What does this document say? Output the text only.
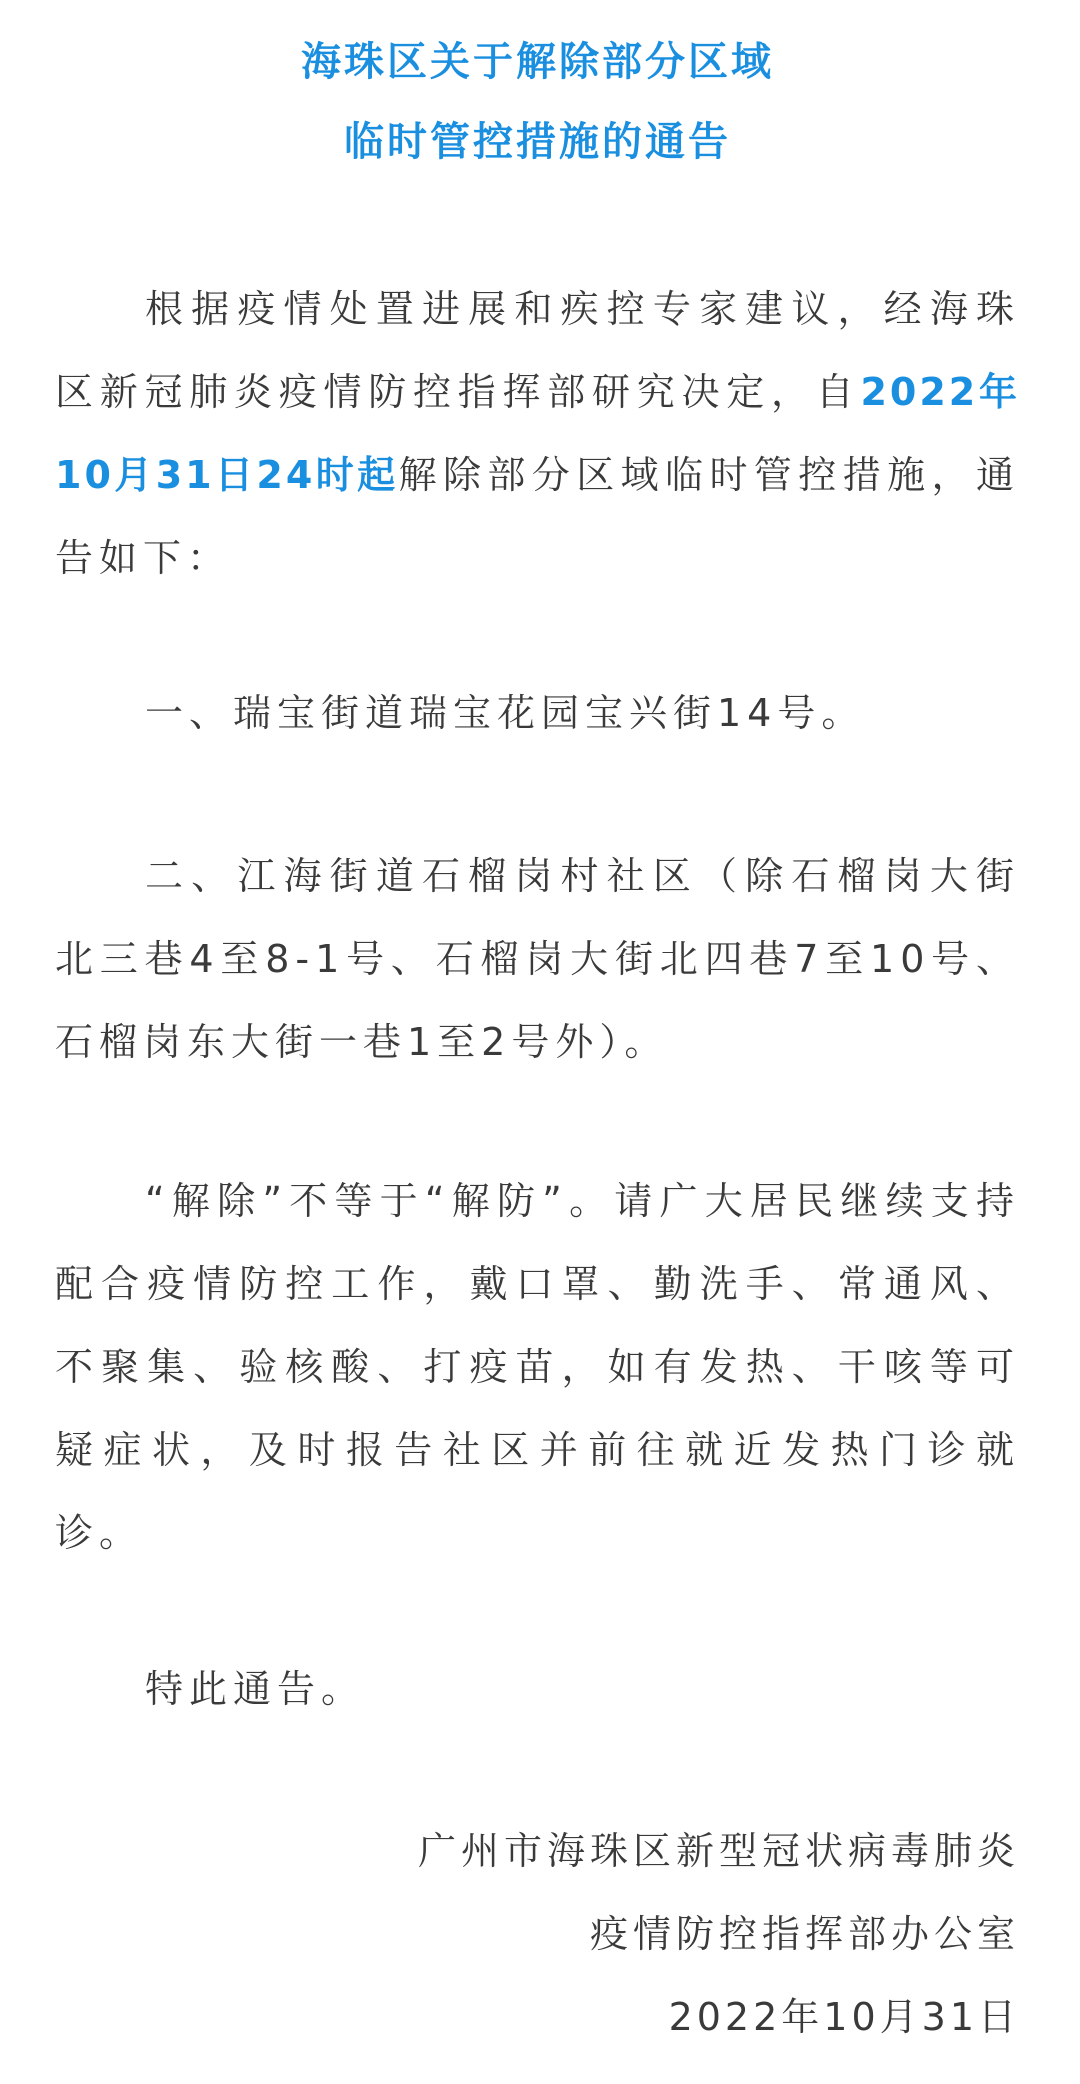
海珠区关于解除部分区域
临时管控措施的通告

根据疫情处置进展和疾控专家建议，经海珠区新冠肺炎疫情防控指挥部研究决定，自2022年10月31日24时起解除部分区域临时管控措施，通告如下：

一、瑞宝街道瑞宝花园宝兴街14号。

二、江海街道石榴岗村社区（除石榴岗大街北三巷4至8-1号、石榴岗大街北四巷7至10号、石榴岗东大街一巷1至2号外）。

“解除”不等于“解防”。请广大居民继续支持配合疫情防控工作，戴口罩、勤洗手、常通风、不聚集、验核酸、打疫苗，如有发热、干咳等可疑症状，及时报告社区并前往就近发热门诊就诊。

特此通告。

广州市海珠区新型冠状病毒肺炎

疫情防控指挥部办公室

2022年10月31日
